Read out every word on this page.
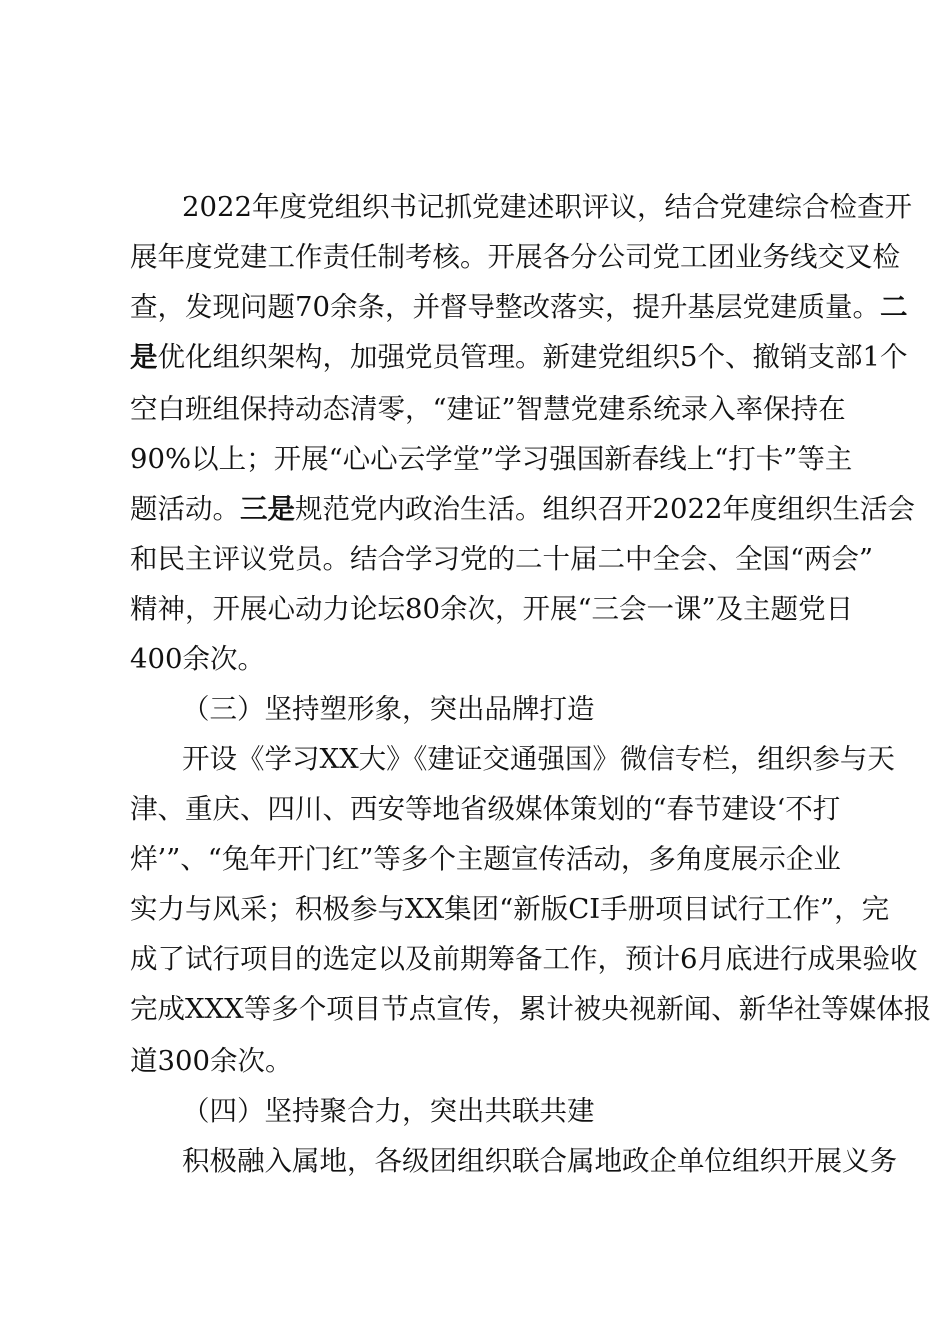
2022年度党组织书记抓党建述职评议，结合党建综合检查开
展年度党建工作责任制考核。开展各分公司党工团业务线交叉检
查，发现问题70余条，并督导整改落实，提升基层党建质量。二
是优化组织架构，加强党员管理。新建党组织5个、撤销支部1个
空白班组保持动态清零，“建证”智慧党建系统录入率保持在
90%以上；开展“心心云学堂”学习强国新春线上“打卡”等主
题活动。三是规范党内政治生活。组织召开2022年度组织生活会
和民主评议党员。结合学习党的二十届二中全会、全国“两会”
精神，开展心动力论坛80余次，开展“三会一课”及主题党日
400余次。
（三）坚持塑形象，突出品牌打造
开设《学习XX大》《建证交通强国》微信专栏，组织参与天
津、重庆、四川、西安等地省级媒体策划的“春节建设‘不打
烊’”、“兔年开门红”等多个主题宣传活动，多角度展示企业
实力与风采；积极参与XX集团“新版CI手册项目试行工作”，完
成了试行项目的选定以及前期筹备工作，预计6月底进行成果验收
完成XXX等多个项目节点宣传，累计被央视新闻、新华社等媒体报
道300余次。
（四）坚持聚合力，突出共联共建
积极融入属地，各级团组织联合属地政企单位组织开展义务
